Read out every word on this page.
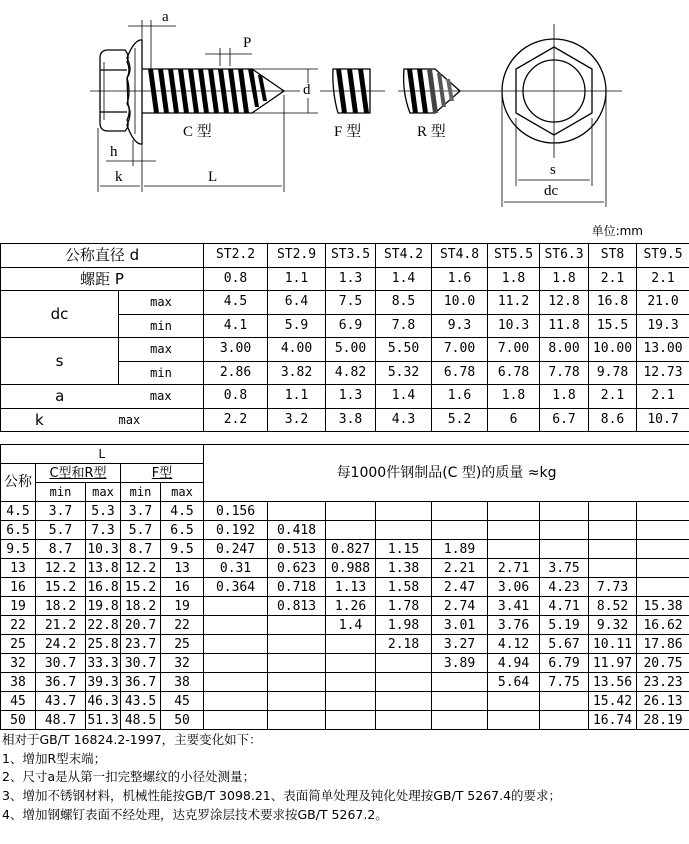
a
P
d
h
k	L
C 型	F 型	R 型
s
dc
单位:mm
公称直径 d		ST2.2	ST2.9	ST3.5	ST4.2	ST4.8	ST5.5	ST6.3	ST8	ST9.5
螺距 P		0.8	1.1	1.3	1.4	1.6	1.8	1.8	2.1	2.1
dc	max	4.5	6.4	7.5	8.5	10.0	11.2	12.8	16.8	21.0
	min	4.1	5.9	6.9	7.8	9.3	10.3	11.8	15.5	19.3
s	max	3.00	4.00	5.00	5.50	7.00	7.00	8.00	10.00	13.00
	min	2.86	3.82	4.82	5.32	6.78	6.78	7.78	9.78	12.73
a	max	0.8	1.1	1.3	1.4	1.6	1.8	1.8	2.1	2.1
k	max	2.2	3.2	3.8	4.3	5.2	6	6.7	8.6	10.7
L					每1000件钢制品(C 型)的质量 ≈kg								
公称	C型和R型		F型										
	min	max	min	max									
4.5	3.7	5.3	3.7	4.5	0.156								
6.5	5.7	7.3	5.7	6.5	0.192	0.418							
9.5	8.7	10.3	8.7	9.5	0.247	0.513	0.827	1.15	1.89				
13	12.2	13.8	12.2	13	0.31	0.623	0.988	1.38	2.21	2.71	3.75		
16	15.2	16.8	15.2	16	0.364	0.718	1.13	1.58	2.47	3.06	4.23	7.73	
19	18.2	19.8	18.2	19		0.813	1.26	1.78	2.74	3.41	4.71	8.52	15.38
22	21.2	22.8	20.7	22			1.4	1.98	3.01	3.76	5.19	9.32	16.62
25	24.2	25.8	23.7	25				2.18	3.27	4.12	5.67	10.11	17.86
32	30.7	33.3	30.7	32					3.89	4.94	6.79	11.97	20.75
38	36.7	39.3	36.7	38						5.64	7.75	13.56	23.23
45	43.7	46.3	43.5	45								15.42	26.13
50	48.7	51.3	48.5	50								16.74	28.19
相对于GB/T 16824.2-1997，主要变化如下：
1、增加R型末端；
2、尺寸a是从第一扣完整螺纹的小径处测量；
3、增加不锈钢材料，机械性能按GB/T 3098.21、表面简单处理及钝化处理按GB/T 5267.4的要求；
4、增加钢螺钉表面不经处理，达克罗涂层技术要求按GB/T 5267.2。
